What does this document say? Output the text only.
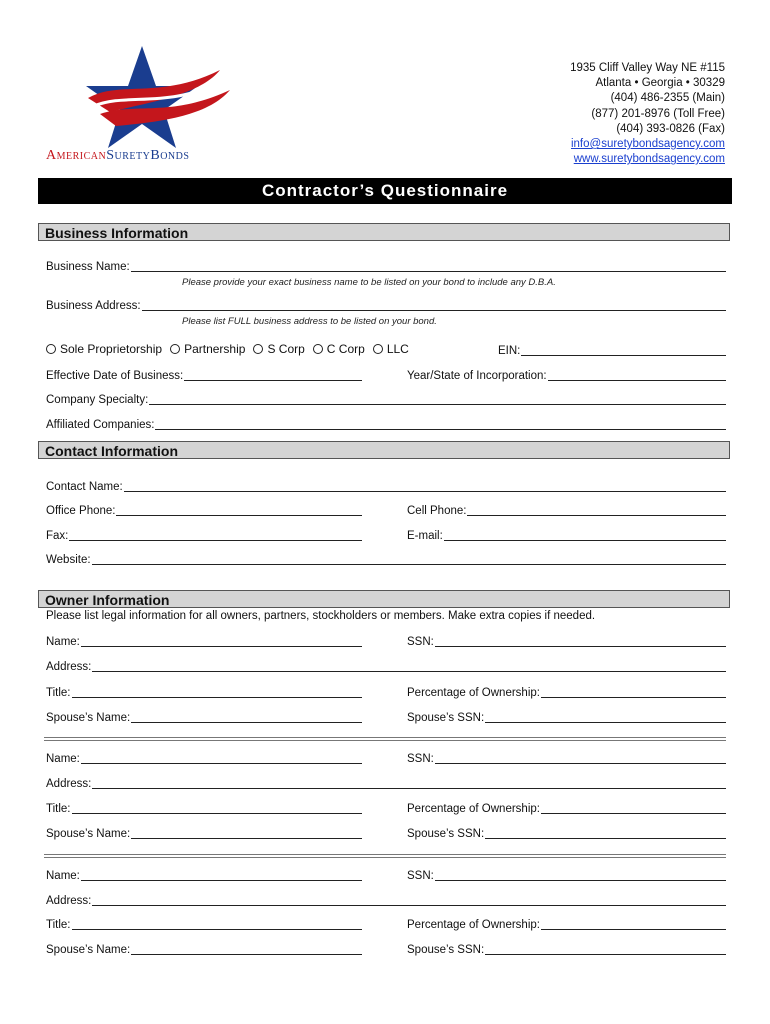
AmericanSuretyBonds
1935 Cliff Valley Way NE #115
Atlanta • Georgia • 30329
(404) 486-2355 (Main)
(877) 201-8976 (Toll Free)
(404) 393-0826 (Fax)
info@suretybondsagency.com
www.suretybondsagency.com
Contractor’s Questionnaire
Business Information
Business Name:
Please provide your exact business name to be listed on your bond to include any D.B.A.
Business Address:
Please list FULL business address to be listed on your bond.
Sole Proprietorship Partnership S Corp C Corp LLC	EIN:
Effective Date of Business:	Year/State of Incorporation:
Company Specialty:
Affiliated Companies:
Contact Information
Contact Name:
Office Phone:	Cell Phone:
Fax:	E-mail:
Website:
Owner Information
Please list legal information for all owners, partners, stockholders or members. Make extra copies if needed.
Name:	SSN:
Address:
Title:	Percentage of Ownership:
Spouse’s Name:	Spouse’s SSN:
Name:	SSN:
Address:
Title:	Percentage of Ownership:
Spouse’s Name:	Spouse’s SSN:
Name:	SSN:
Address:
Title:	Percentage of Ownership:
Spouse’s Name:	Spouse’s SSN:
